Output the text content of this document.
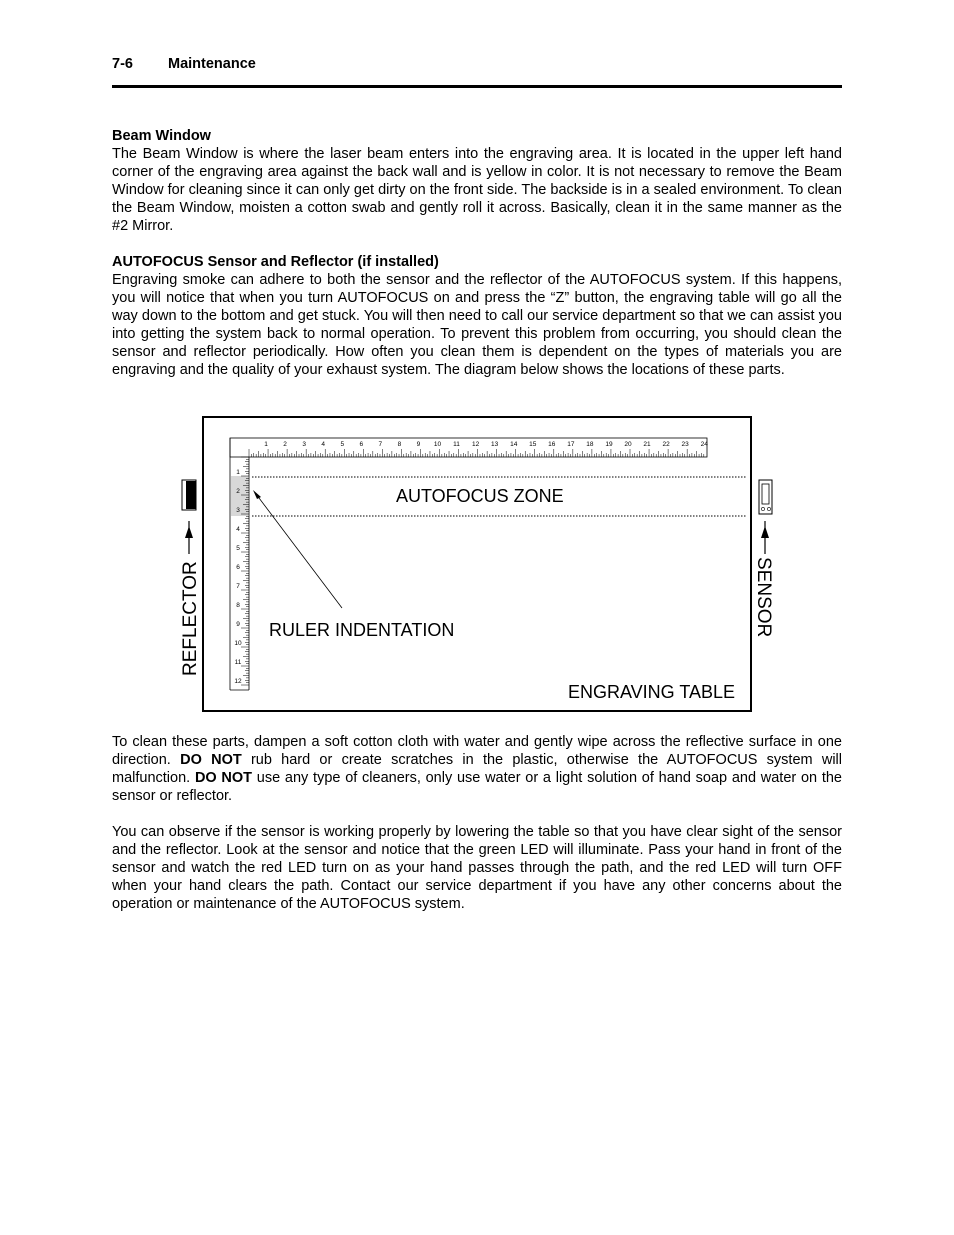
7-6 Maintenance
Beam Window

The Beam Window is where the laser beam enters into the engraving area. It is located in the upper left hand corner of the engraving area against the back wall and is yellow in color. It is not necessary to remove the Beam Window for cleaning since it can only get dirty on the front side. The backside is in a sealed environment. To clean the Beam Window, moisten a cotton swab and gently roll it across. Basically, clean it in the same manner as the #2 Mirror.

AUTOFOCUS Sensor and Reflector (if installed)

Engraving smoke can adhere to both the sensor and the reflector of the AUTOFOCUS system. If this happens, you will notice that when you turn AUTOFOCUS on and press the “Z” button, the engraving table will go all the way down to the bottom and get stuck. You will then need to call our service department so that we can assist you into getting the system back to normal operation. To prevent this problem from occurring, you should clean the sensor and reflector periodically. How often you clean them is dependent on the types of materials you are engraving and the quality of your exhaust system. The diagram below shows the locations of these parts.

1 2 3 4 5 6 7 8 9 10 11 12 13 14 15 16 17 18 19 20 21 22 23 24
1
2
3
4
5
6
7
8
9
10
11
12
AUTOFOCUS ZONE
RULER INDENTATION
ENGRAVING TABLE
REFLECTOR	SENSOR

To clean these parts, dampen a soft cotton cloth with water and gently wipe across the reflective surface in one direction. DO NOT rub hard or create scratches in the plastic, otherwise the AUTOFOCUS system will malfunction. DO NOT use any type of cleaners, only use water or a light solution of hand soap and water on the sensor or reflector.

You can observe if the sensor is working properly by lowering the table so that you have clear sight of the sensor and the reflector. Look at the sensor and notice that the green LED will illuminate. Pass your hand in front of the sensor and watch the red LED turn on as your hand passes through the path, and the red LED will turn OFF when your hand clears the path. Contact our service department if you have any other concerns about the operation or maintenance of the AUTOFOCUS system.
